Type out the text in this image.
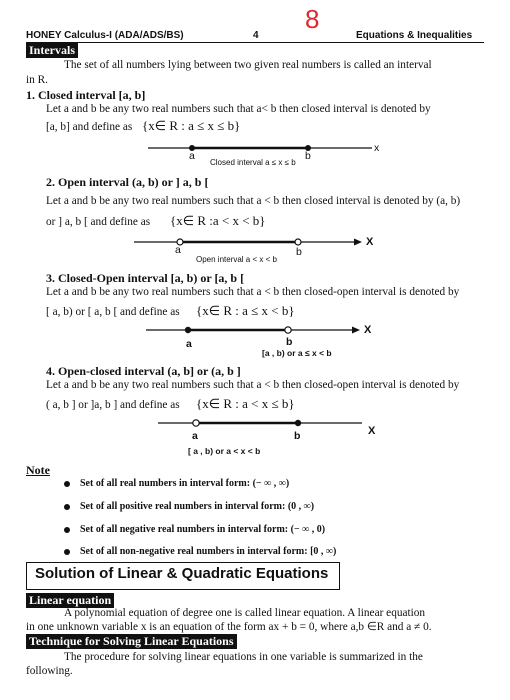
HONEY Calculus-I (ADA/ADS/BS)	4
8
Equations & Inequalities
Intervals
The set of all numbers lying between two given real numbers is called an interval
in R.
1. Closed interval [a, b]
Let a and b be any two real numbers such that a< b then closed interval is denoted by
[a, b] and define as {x∈ R : a ≤ x ≤ b}
a	b
x
Closed interval a ≤ x ≤ b
2. Open interval (a, b) or ] a, b [
Let a and b be any two real numbers such that a < b then closed interval is denoted by (a, b)
or ] a, b [ and define as {x∈ R :a < x < b}
a	b
X
Open interval a < x < b
3. Closed-Open interval [a, b) or [a, b [
Let a and b be any two real numbers such that a < b then closed-open interval is denoted by
[ a, b) or [ a, b [ and define as {x∈ R : a ≤ x < b}
a	b
X
[a , b) or a ≤ x < b
4. Open-closed interval (a, b] or (a, b ]
Let a and b be any two real numbers such that a < b then closed-open interval is denoted by
( a, b ] or ]a, b ] and define as {x∈ R : a < x ≤ b}
a	b	X
[ a , b) or a < x < b
Note
Set of all real numbers in interval form: (− ∞ , ∞)
Set of all positive real numbers in interval form: (0 , ∞)
Set of all negative real numbers in interval form: (− ∞ , 0)
Set of all non-negative real numbers in interval form: [0 , ∞)
Solution of Linear & Quadratic Equations
Linear equation
A polynomial equation of degree one is called linear equation. A linear equation
in one unknown variable x is an equation of the form ax + b = 0, where a,b ∈R and a ≠ 0.
Technique for Solving Linear Equations
The procedure for solving linear equations in one variable is summarized in the
following.
